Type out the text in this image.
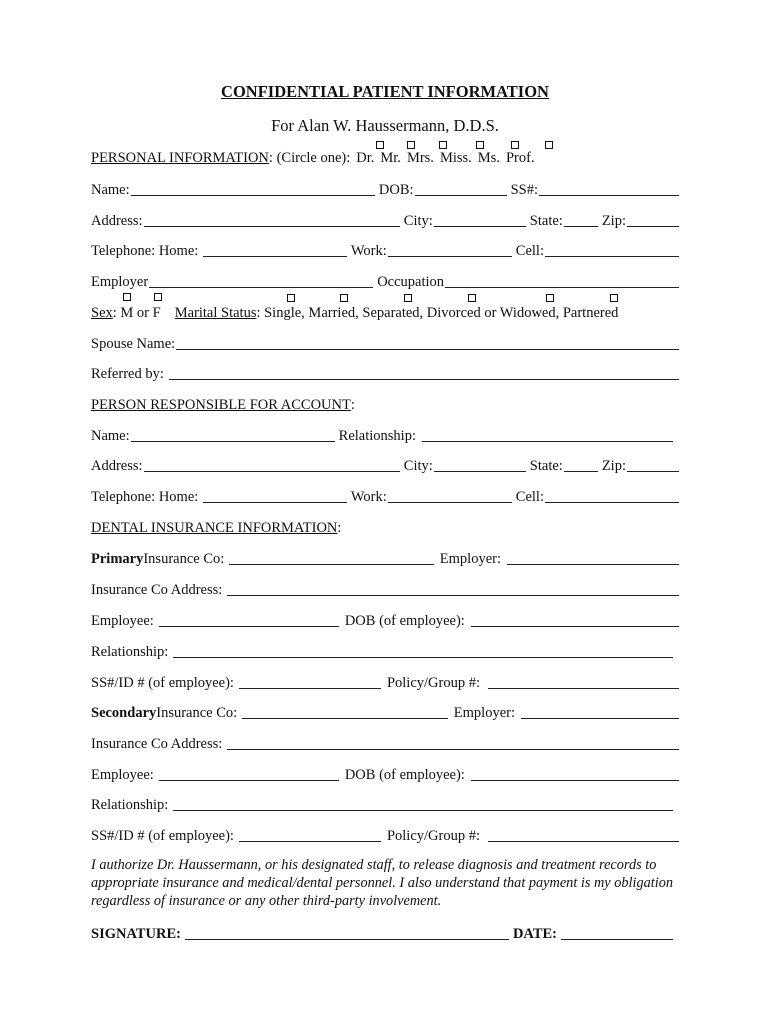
CONFIDENTIAL PATIENT INFORMATION
For Alan W. Haussermann, D.D.S.
PERSONAL INFORMATION : (Circle one): Dr. Mr. Mrs. Miss. Ms. Prof.
Name:	DOB:	SS#:
Address:	City:	State:	Zip:
Telephone: Home:	Work:	Cell:
Employer	Occupation
Sex : M or F Marital Status : Single, Married, Separated, Divorced or Widowed, Partnered
Spouse Name:
Referred by:
PERSON RESPONSIBLE FOR ACCOUNT :
Name:	Relationship:
Address:	City:	State:	Zip:
Telephone: Home:	Work:	Cell:
DENTAL INSURANCE INFORMATION :
Primary Insurance Co:	Employer:
Insurance Co Address:
Employee:	DOB (of employee):
Relationship:
SS#/ID # (of employee):	Policy/Group #:
Secondary Insurance Co:	Employer:
Insurance Co Address:
Employee:	DOB (of employee):
Relationship:
SS#/ID # (of employee):	Policy/Group #:
I authorize Dr. Haussermann, or his designated staff, to release diagnosis and treatment records to appropriate insurance and medical/dental personnel. I also understand that payment is my obligation regardless of insurance or any other third-party involvement.
SIGNATURE:	DATE:
